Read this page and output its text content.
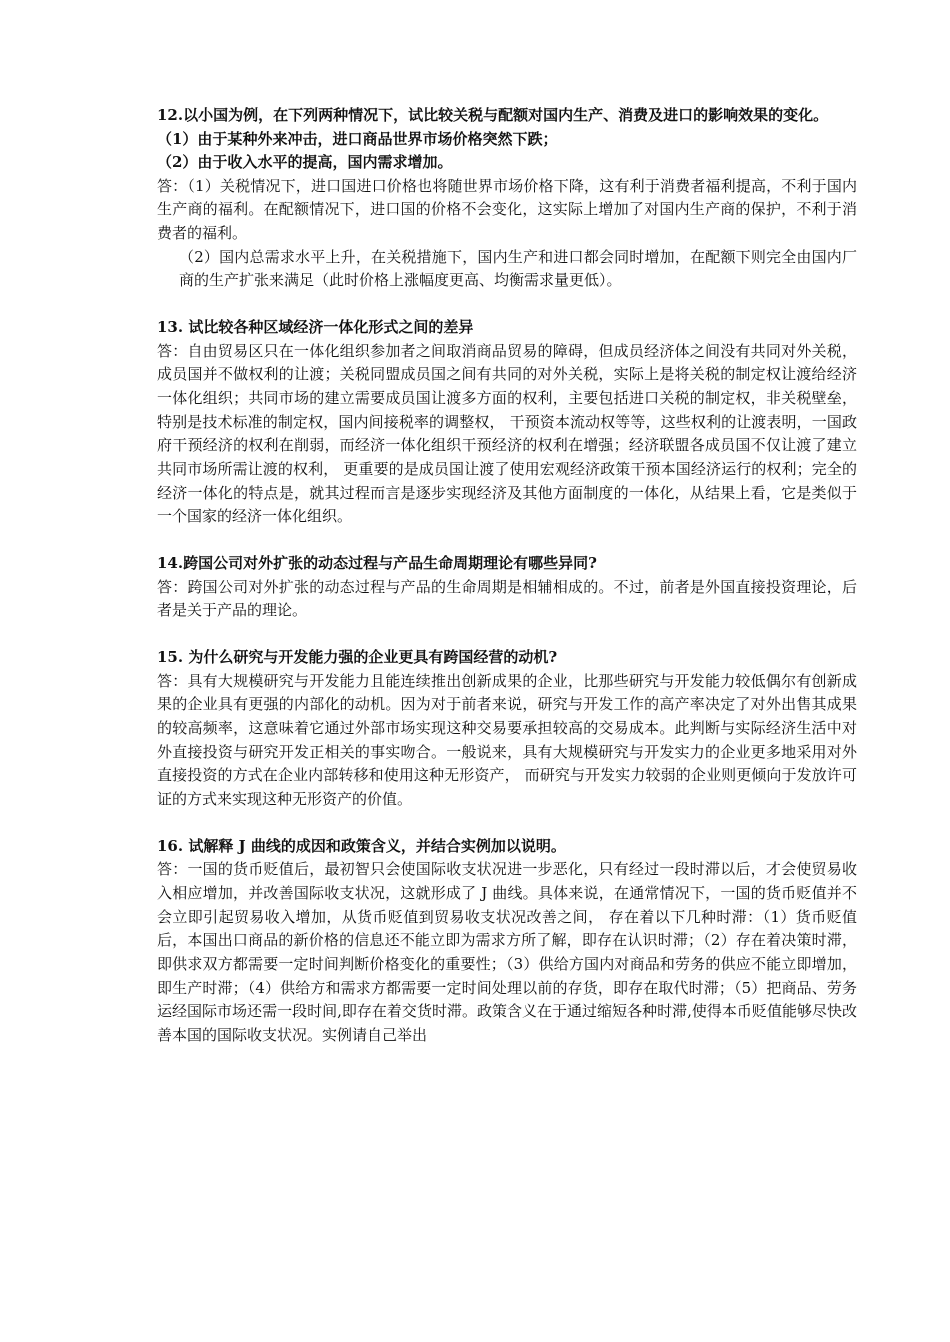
12.以小国为例，在下列两种情况下，试比较关税与配额对国内生产、消费及进口的影响效果的变化。

（1）由于某种外来冲击，进口商品世界市场价格突然下跌；

（2）由于收入水平的提高，国内需求增加。

答：（1）关税情况下，进口国进口价格也将随世界市场价格下降，这有利于消费者福利提高，不利于国内生产商的福利。在配额情况下，进口国的价格不会变化，这实际上增加了对国内生产商的保护，不利于消费者的福利。

（2）国内总需求水平上升，在关税措施下，国内生产和进口都会同时增加，在配额下则完全由国内厂商的生产扩张来满足（此时价格上涨幅度更高、均衡需求量更低）。

13. 试比较各种区域经济一体化形式之间的差异

答：自由贸易区只在一体化组织参加者之间取消商品贸易的障碍，但成员经济体之间没有共同对外关税，成员国并不做权利的让渡；关税同盟成员国之间有共同的对外关税，实际上是将关税的制定权让渡给经济一体化组织；共同市场的建立需要成员国让渡多方面的权利，主要包括进口关税的制定权，非关税壁垒，特别是技术标准的制定权，国内间接税率的调整权， 干预资本流动权等等，这些权利的让渡表明，一国政府干预经济的权利在削弱，而经济一体化组织干预经济的权利在增强；经济联盟各成员国不仅让渡了建立共同市场所需让渡的权利， 更重要的是成员国让渡了使用宏观经济政策干预本国经济运行的权利；完全的经济一体化的特点是，就其过程而言是逐步实现经济及其他方面制度的一体化，从结果上看，它是类似于一个国家的经济一体化组织。

14.跨国公司对外扩张的动态过程与产品生命周期理论有哪些异同?

答：跨国公司对外扩张的动态过程与产品的生命周期是相辅相成的。不过，前者是外国直接投资理论，后者是关于产品的理论。

15. 为什么研究与开发能力强的企业更具有跨国经营的动机?

答：具有大规模研究与开发能力且能连续推出创新成果的企业，比那些研究与开发能力较低偶尔有创新成果的企业具有更强的内部化的动机。因为对于前者来说，研究与开发工作的高产率决定了对外出售其成果的较高频率，这意味着它通过外部市场实现这种交易要承担较高的交易成本。此判断与实际经济生活中对外直接投资与研究开发正相关的事实吻合。一般说来，具有大规模研究与开发实力的企业更多地采用对外直接投资的方式在企业内部转移和使用这种无形资产， 而研究与开发实力较弱的企业则更倾向于发放许可证的方式来实现这种无形资产的价值。

16. 试解释 J 曲线的成因和政策含义，并结合实例加以说明。

答：一国的货币贬值后，最初智只会使国际收支状况进一步恶化，只有经过一段时滞以后，才会使贸易收入相应增加，并改善国际收支状况，这就形成了 J 曲线。具体来说，在通常情况下，一国的货币贬值并不会立即引起贸易收入增加，从货币贬值到贸易收支状况改善之间， 存在着以下几种时滞：（1）货币贬值后，本国出口商品的新价格的信息还不能立即为需求方所了解，即存在认识时滞；（2）存在着决策时滞，即供求双方都需要一定时间判断价格变化的重要性；（3）供给方国内对商品和劳务的供应不能立即增加，即生产时滞；（4）供给方和需求方都需要一定时间处理以前的存货，即存在取代时滞；（5）把商品、劳务运经国际市场还需一段时间,即存在着交货时滞。政策含义在于通过缩短各种时滞,使得本币贬值能够尽快改善本国的国际收支状况。实例请自己举出
